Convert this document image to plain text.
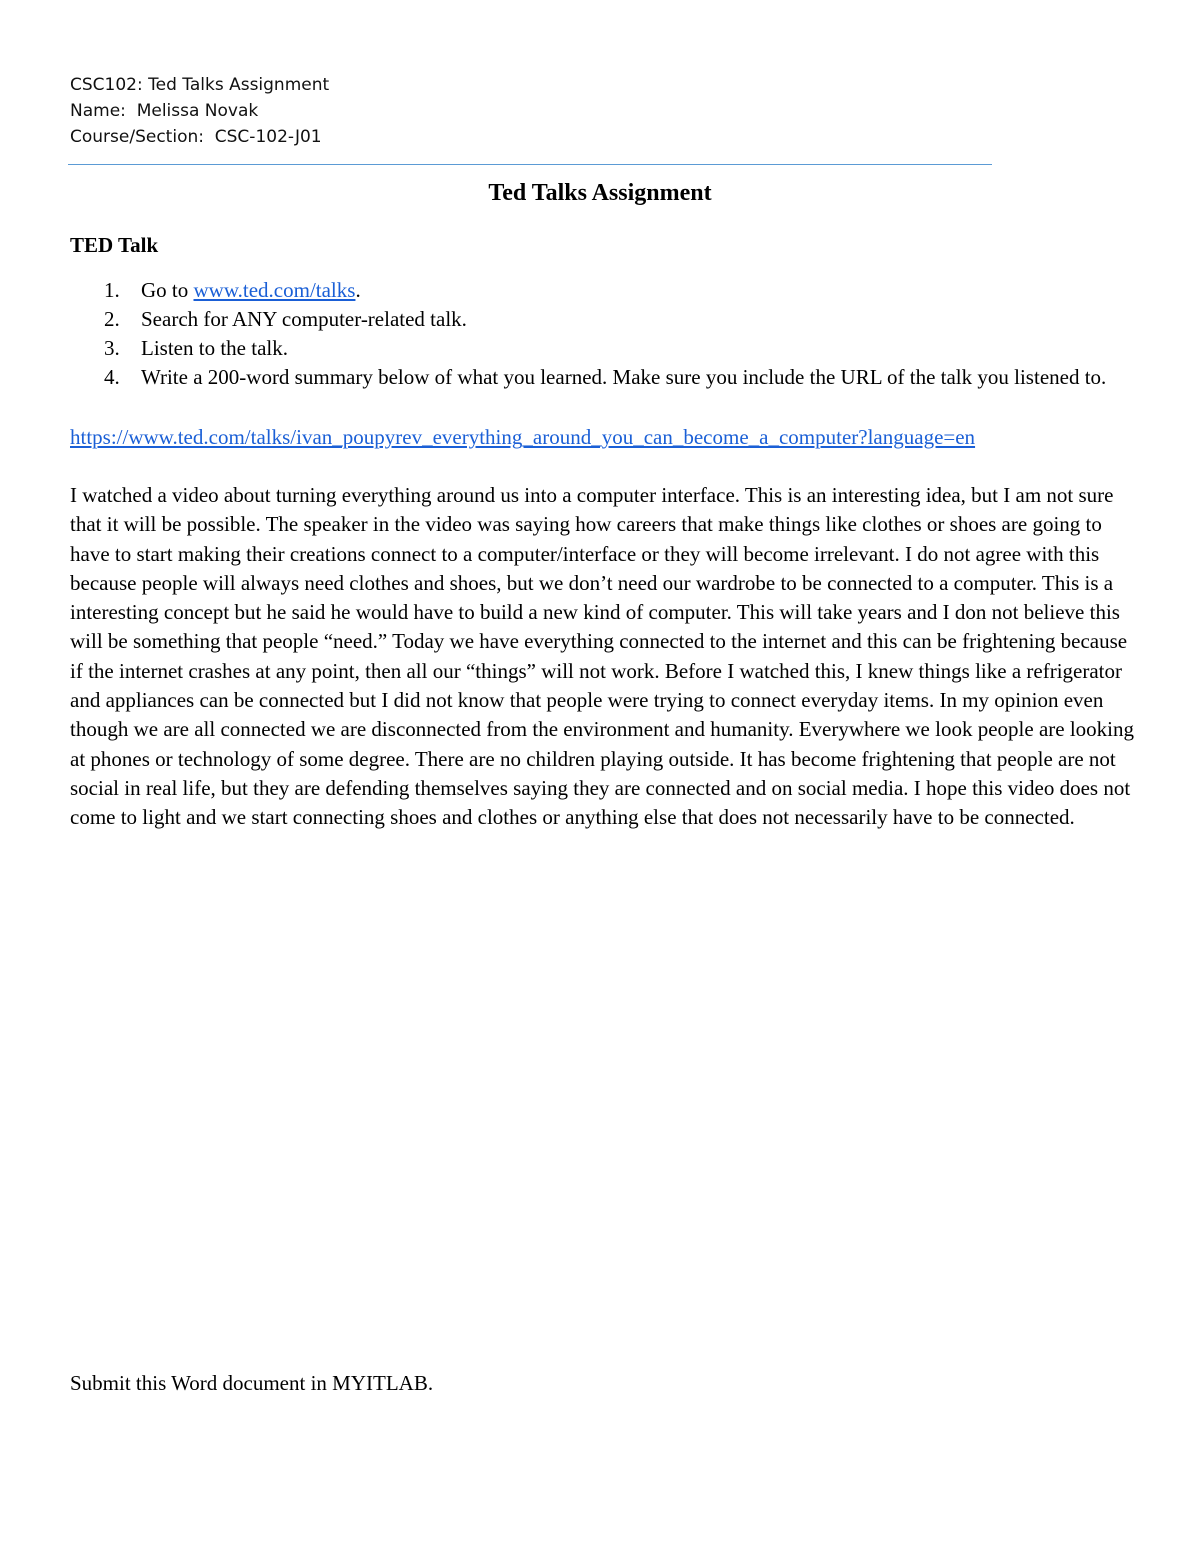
CSC102: Ted Talks Assignment
Name:  Melissa Novak
Course/Section:  CSC-102-J01
Ted Talks Assignment
TED Talk
1. Go to www.ted.com/talks.
2. Search for ANY computer-related talk.
3. Listen to the talk.
4. Write a 200-word summary below of what you learned. Make sure you include the URL of the talk you listened to.
https://www.ted.com/talks/ivan_poupyrev_everything_around_you_can_become_a_computer?language=en

I watched a video about turning everything around us into a computer interface. This is an interesting idea, but I am not sure that it will be possible. The speaker in the video was saying how careers that make things like clothes or shoes are going to have to start making their creations connect to a computer/interface or they will become irrelevant. I do not agree with this because people will always need clothes and shoes, but we don’t need our wardrobe to be connected to a computer. This is a interesting concept but he said he would have to build a new kind of computer. This will take years and I don not believe this will be something that people “need.” Today we have everything connected to the internet and this can be frightening because if the internet crashes at any point, then all our “things” will not work. Before I watched this, I knew things like a refrigerator and appliances can be connected but I did not know that people were trying to connect everyday items. In my opinion even though we are all connected we are disconnected from the environment and humanity. Everywhere we look people are looking at phones or technology of some degree. There are no children playing outside. It has become frightening that people are not social in real life, but they are defending themselves saying they are connected and on social media. I hope this video does not come to light and we start connecting shoes and clothes or anything else that does not necessarily have to be connected.

Submit this Word document in MYITLAB.
